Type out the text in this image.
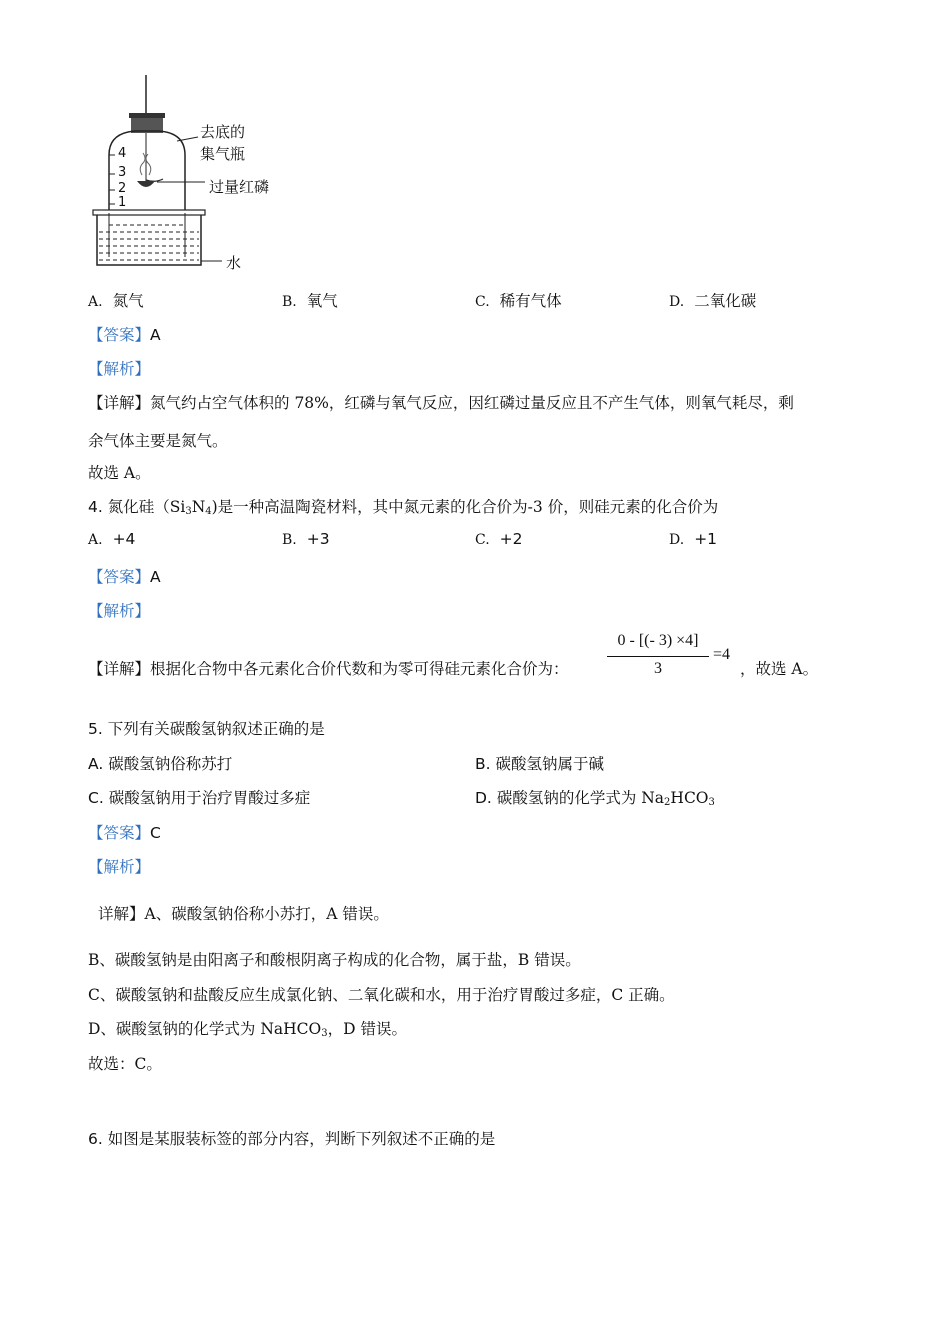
4
3
2
1
去底的
集气瓶
过量红磷
水
A. 氮气	B. 氧气	C. 稀有气体	D. 二氧化碳
【答案】A
【解析】
【详解】氮气约占空气体积的 78%，红磷与氧气反应，因红磷过量反应且不产生气体，则氧气耗尽，剩
余气体主要是氮气。
故选 A。
4. 氮化硅$(Si_3N_4)$是一种高温陶瓷材料，其中氮元素的化合价为-3 价，则硅元素的化合价为
A. +4	B. +3	C. +2	D. +1
【答案】A
【解析】
【详解】根据化合物中各元素化合价代数和为零可得硅元素化合价为：
0 - [(- 3) ×4]
3
=4
，故选 A。
5. 下列有关碳酸氢钠叙述正确的是
A. 碳酸氢钠俗称苏打	B. 碳酸氢钠属于碱
C. 碳酸氢钠用于治疗胃酸过多症	D. 碳酸氢钠的化学式为 $Na_2HCO_3$
【答案】C
【解析】
详解】A、碳酸氢钠俗称小苏打，A 错误。
B、碳酸氢钠是由阳离子和酸根阴离子构成的化合物，属于盐，B 错误。
C、碳酸氢钠和盐酸反应生成氯化钠、二氧化碳和水，用于治疗胃酸过多症，C 正确。
D、碳酸氢钠的化学式为 NaHCO$_3$，D 错误。
故选：C。
6. 如图是某服装标签的部分内容，判断下列叙述不正确的是
